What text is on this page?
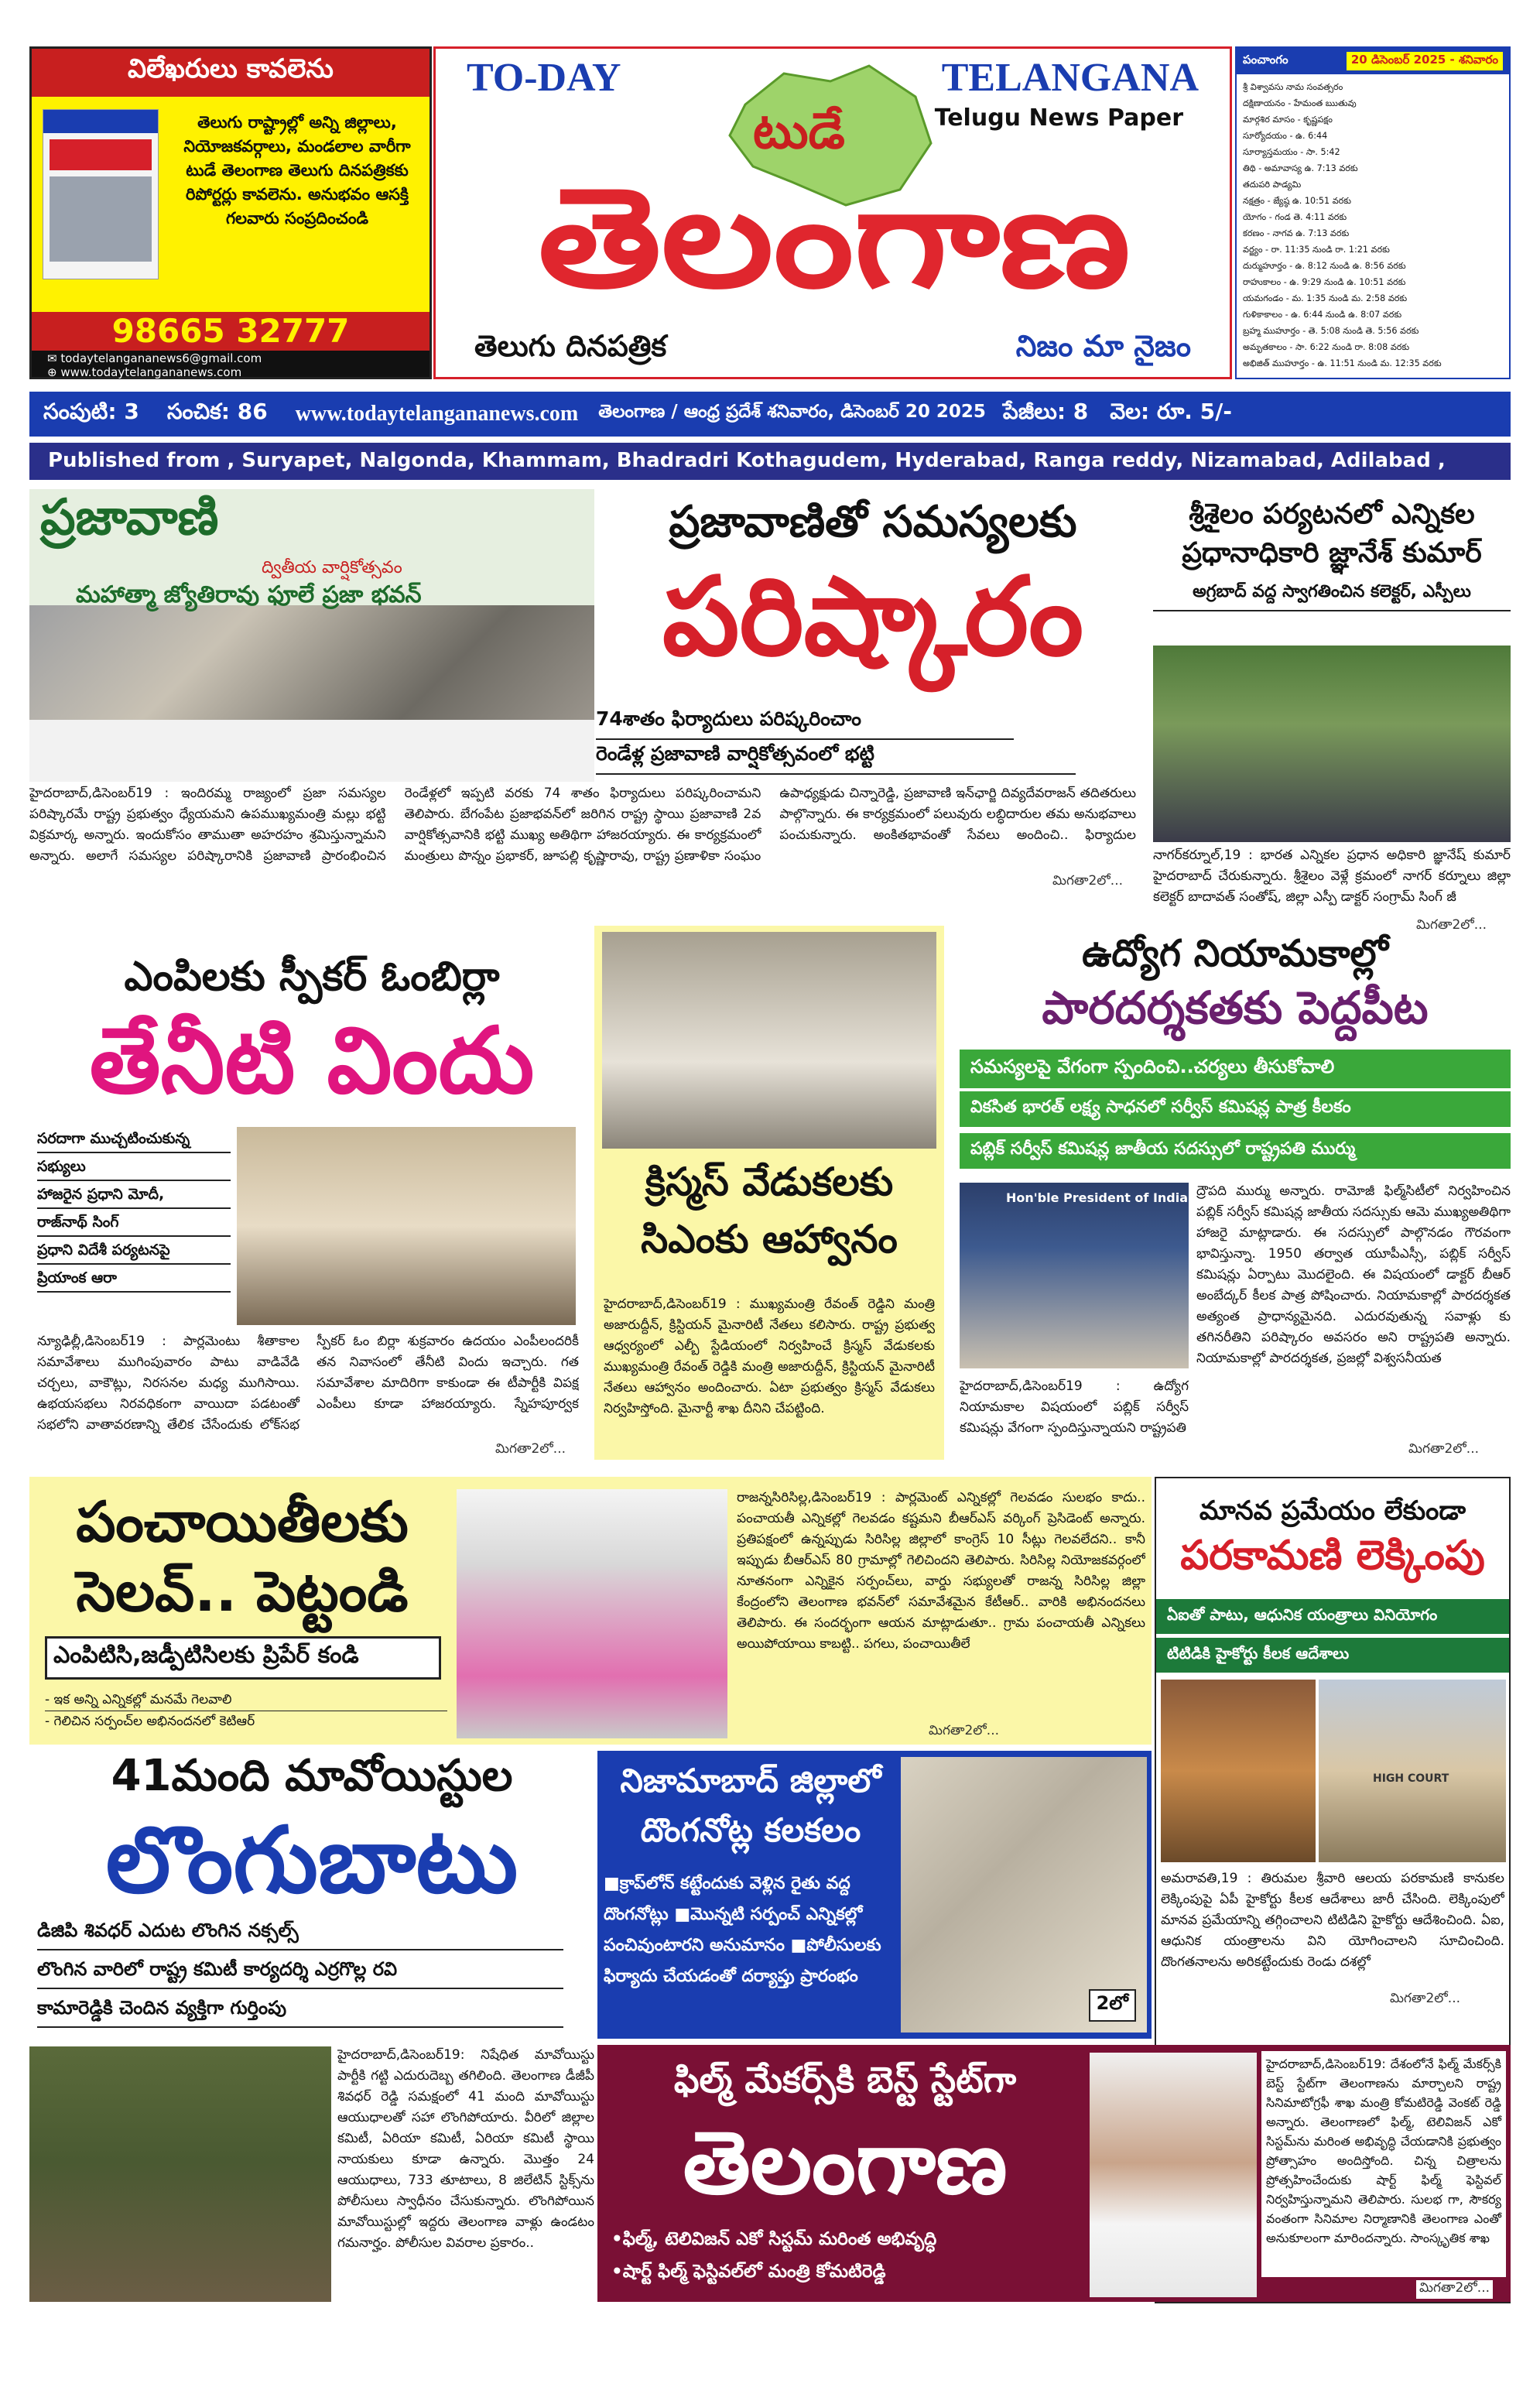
విలేఖరులు కావలెను
తెలుగు రాష్ట్రాల్లో అన్ని జిల్లాలు, నియోజకవర్గాలు, మండలాల వారీగా టుడే తెలంగాణ తెలుగు దినపత్రికకు రిపోర్టర్లు కావలెను. అనుభవం ఆసక్తి గలవారు సంప్రదించండి
98665 32777
✉ todaytelangananews6@gmail.com
⊕ www.todaytelangananews.com
TO-DAY	TELANGANA
Telugu News Paper
టుడే
తెలంగాణ
తెలుగు దినపత్రిక	నిజం మా నైజం
పంచాంగం	20 డిసెంబర్ 2025 - శనివారం
శ్రీ విశ్వావసు నామ సంవత్సరం
దక్షిణాయనం - హేమంత ఋతువు
మార్గశిర మాసం - కృష్ణపక్షం
సూర్యోదయం - ఉ. 6:44
సూర్యాస్తమయం - సా. 5:42
తిథి - అమావాస్య ఉ. 7:13 వరకు
తదుపరి పాడ్యమి
నక్షత్రం - జ్యేష్ఠ ఉ. 10:51 వరకు
యోగం - గండ తె. 4:11 వరకు
కరణం - నాగవ ఉ. 7:13 వరకు
వర్జ్యం - రా. 11:35 నుండి రా. 1:21 వరకు
దుర్ముహూర్తం - ఉ. 8:12 నుండి ఉ. 8:56 వరకు
రాహుకాలం - ఉ. 9:29 నుండి ఉ. 10:51 వరకు
యమగండం - మ. 1:35 నుండి మ. 2:58 వరకు
గుళికాకాలం - ఉ. 6:44 నుండి ఉ. 8:07 వరకు
బ్రహ్మ ముహూర్తం - తె. 5:08 నుండి తె. 5:56 వరకు
అమృతకాలం - సా. 6:22 నుండి రా. 8:08 వరకు
అభిజిత్ ముహూర్తం - ఉ. 11:51 నుండి మ. 12:35 వరకు
సంపుటి: 3	సంచిక: 86	www.todaytelangananews.com	తెలంగాణ / ఆంధ్ర ప్రదేశ్ శనివారం, డిసెంబర్ 20 2025 పేజీలు: 8	వెల: రూ. 5/-
Published from , Suryapet, Nalgonda, Khammam, Bhadradri Kothagudem, Hyderabad, Ranga reddy, Nizamabad, Adilabad ,
ప్రజావాణి
ద్వితీయ వార్షికోత్సవం
మహాత్మా జ్యోతిరావు ఫూలే ప్రజా భవన్
ప్రజావాణితో సమస్యలకు
పరిష్కారం
74శాతం ఫిర్యాదులు పరిష్కరించాం
రెండేళ్ల ప్రజావాణి వార్షికోత్సవంలో భట్టి
హైదరాబాద్,డిసెంబర్19 : ఇందిరమ్మ రాజ్యంలో ప్రజా సమస్యల పరిష్కారమే రాష్ట్ర ప్రభుత్వం ధ్యేయమని ఉపముఖ్యమంత్రి మల్లు భట్టి విక్రమార్క అన్నారు. ఇందుకోసం తాముతా అహరహం శ్రమిస్తున్నామని అన్నారు. అలాగే సమస్యల పరిష్కారానికి ప్రజావాణి ప్రారంభించిన రెండేళ్లలో ఇప్పటి వరకు 74 శాతం ఫిర్యాదులు పరిష్కరించామని తెలిపారు. బేగంపేట ప్రజాభవన్‌లో జరిగిన రాష్ట్ర స్థాయి ప్రజావాణి 2వ వార్షికోత్సవానికి భట్టి ముఖ్య అతిథిగా హాజరయ్యారు. ఈ కార్యక్రమంలో మంత్రులు పొన్నం ప్రభాకర్, జూపల్లి కృష్ణారావు, రాష్ట్ర ప్రణాళికా సంఘం ఉపాధ్యక్షుడు చిన్నారెడ్డి, ప్రజావాణి ఇన్‌ఛార్జి దివ్యదేవరాజన్ తదితరులు పాల్గొన్నారు. ఈ కార్యక్రమంలో పలువురు లబ్ధిదారుల తమ అనుభవాలు పంచుకున్నారు. అంకితభావంతో సేవలు అందించి.. ఫిర్యాదుల
మిగతా2లో...
శ్రీశైలం పర్యటనలో ఎన్నికల ప్రధానాధికారి జ్ఞానేశ్ కుమార్
అగ్రబాద్ వద్ద స్వాగతించిన కలెక్టర్, ఎస్పీలు
నాగర్‌కర్నూల్,19 : భారత ఎన్నికల ప్రధాన అధికారి జ్ఞానేష్ కుమార్ హైదరాబాద్ చేరుకున్నారు. శ్రీశైలం వెళ్లే క్రమంలో నాగర్ కర్నూలు జిల్లా కలెక్టర్ బాదావత్ సంతోష్, జిల్లా ఎస్పీ డాక్టర్ సంగ్రామ్ సింగ్ జీ
మిగతా2లో...
ఎంపిలకు స్పీకర్ ఓంబిర్లా
తేనీటి విందు
సరదాగా ముచ్చటించుకున్న
సభ్యులు
హాజరైన ప్రధాని మోదీ,
రాజ్‌నాథ్ సింగ్
ప్రధాని విదేశీ పర్యటనపై
ప్రియాంక ఆరా
న్యూఢిల్లీ,డిసెంబర్19 : పార్లమెంటు శీతాకాల సమావేశాలు ముగింపువారం పాటు వాడివేడి చర్చలు, వాకౌట్లు, నిరసనల మధ్య ముగిసాయి. ఉభయసభలు నిరవధికంగా వాయిదా పడటంతో సభలోని వాతావరణాన్ని తేలిక చేసేందుకు లోక్‌సభ స్పీకర్ ఓం బిర్లా శుక్రవారం ఉదయం ఎంపీలందరికీ తన నివాసంలో తేనీటి విందు ఇచ్చారు. గత సమావేశాల మాదిరిగా కాకుండా ఈ టీపార్టీకి విపక్ష ఎంపీలు కూడా హాజరయ్యారు. స్నేహపూర్వక
మిగతా2లో...
క్రిస్మస్ వేడుకలకు
సిఎంకు ఆహ్వానం
హైదరాబాద్,డిసెంబర్19 : ముఖ్యమంత్రి రేవంత్ రెడ్డిని మంత్రి అజారుద్దీన్, క్రిస్టియన్ మైనారిటీ నేతలు కలిసారు. రాష్ట్ర ప్రభుత్వ ఆధ్వర్యంలో ఎల్బీ స్టేడియంలో నిర్వహించే క్రిస్మస్ వేడుకలకు ముఖ్యమంత్రి రేవంత్ రెడ్డికి మంత్రి అజారుద్దీన్, క్రిస్టియన్ మైనారిటీ నేతలు ఆహ్వానం అందించారు. ఏటా ప్రభుత్వం క్రిస్మస్ వేడుకలు నిర్వహిస్తోంది. మైనార్టీ శాఖ దీనిని చేపట్టింది.
ఉద్యోగ నియామకాల్లో
పారదర్శకతకు పెద్దపీట
సమస్యలపై వేగంగా స్పందించి..చర్యలు తీసుకోవాలి
వికసిత భారత్ లక్ష్య సాధనలో సర్వీస్ కమిషన్ల పాత్ర కీలకం
పబ్లిక్ సర్వీస్ కమిషన్ల జాతీయ సదస్సులో రాష్ట్రపతి ముర్ము
Hon'ble President of India ద్రౌపది ముర్ము అన్నారు. రామోజీ ఫిల్మ్‌సిటీలో నిర్వహించిన పబ్లిక్ సర్వీస్ కమిషన్ల జాతీయ సదస్సుకు ఆమె ముఖ్యఅతిథిగా హాజరై మాట్లాడారు. ఈ సదస్సులో పాల్గొనడం గౌరవంగా భావిస్తున్నా. 1950 తర్వాత యూపీఎస్సీ, పబ్లిక్ సర్వీస్ కమిషన్లు ఏర్పాటు మొదలైంది. ఈ విషయంలో డాక్టర్ బీఆర్ అంబేద్కర్ కీలక పాత్ర పోషించారు. నియామకాల్లో పారదర్శకత అత్యంత ప్రాధాన్యమైనది. ఎదురవుతున్న సవాళ్లు కు తగినరీతిని పరిష్కారం అవసరం అని రాష్ట్రపతి అన్నారు. నియామకాల్లో పారదర్శకత, ప్రజల్లో విశ్వసనీయత
హైదరాబాద్,డిసెంబర్19 : ఉద్యోగ నియామకాల విషయంలో పబ్లిక్ సర్వీస్ కమిషన్లు వేగంగా స్పందిస్తున్నాయని రాష్ట్రపతి
మిగతా2లో...
పంచాయితీలకు
సెలవ్.. పెట్టండి
ఎంపిటిసి,జడ్పీటిసిలకు ప్రిపేర్ కండి
- ఇక అన్ని ఎన్నికల్లో మనమే గెలవాలి
- గెలిచిన సర్పంచ్‌ల అభినందనలో కెటిఆర్
రాజన్నసిరిసిల్ల,డిసెంబర్19 : పార్లమెంట్ ఎన్నికల్లో గెలవడం సులభం కాదు.. పంచాయతీ ఎన్నికల్లో గెలవడం కష్టమని బీఆర్ఎస్ వర్కింగ్ ప్రెసిడెంట్ అన్నారు. ప్రతిపక్షంలో ఉన్నప్పుడు సిరిసిల్ల జిల్లాలో కాంగ్రెస్ 10 సీట్లు గెలవలేదని.. కానీ ఇప్పుడు బీఆర్ఎస్ 80 గ్రామాల్లో గెలిచిందని తెలిపారు. సిరిసిల్ల నియోజకవర్గంలో నూతనంగా ఎన్నికైన సర్పంచ్‌లు, వార్డు సభ్యులతో రాజన్న సిరిసిల్ల జిల్లా కేంద్రంలోని తెలంగాణ భవన్‌లో సమావేశమైన కేటీఆర్.. వారికి అభినందనలు తెలిపారు. ఈ సందర్భంగా ఆయన మాట్లాడుతూ.. గ్రామ పంచాయతీ ఎన్నికలు అయిపోయాయి కాబట్టి.. పగలు, పంచాయితీలే
మిగతా2లో...
మానవ ప్రమేయం లేకుండా
పరకామణి లెక్కింపు
ఏఐతో పాటు, ఆధునిక యంత్రాలు వినియోగం
టిటిడికి హైకోర్టు కీలక ఆదేశాలు
HIGH COURT
అమరావతి,19 : తిరుమల శ్రీవారి ఆలయ పరకామణి కానుకల లెక్కింపుపై ఏపీ హైకోర్టు కీలక ఆదేశాలు జారీ చేసింది. లెక్కింపులో మానవ ప్రమేయాన్ని తగ్గించాలని టిటిడిని హైకోర్టు ఆదేశించింది. ఏఐ, ఆధునిక యంత్రాలను విని యోగించాలని సూచించింది. దొంగతనాలను అరికట్టేందుకు రెండు దశల్లో
మిగతా2లో...
41మంది మావోయిస్టుల
లొంగుబాటు
డిజిపి శివధర్ ఎదుట లొంగిన నక్సల్స్
లొంగిన వారిలో రాష్ట్ర కమిటీ కార్యదర్శి ఎర్రగొల్ల రవి
కామారెడ్డికి చెందిన వ్యక్తిగా గుర్తింపు
హైదరాబాద్,డిసెంబర్19: నిషేధిత మావోయిస్టు పార్టీకి గట్టి ఎదురుదెబ్బ తగిలింది. తెలంగాణ డీజీపీ శివధర్ రెడ్డి సమక్షంలో 41 మంది మావోయిస్టు ఆయుధాలతో సహా లొంగిపోయారు. వీరిలో జిల్లాల కమిటీ, ఏరియా కమిటీ, ఏరియా కమిటీ స్థాయి నాయకులు కూడా ఉన్నారు. మొత్తం 24 ఆయుధాలు, 733 తూటాలు, 8 జిలేటిన్ స్టిక్స్‌ను పోలీసులు స్వాధీనం చేసుకున్నారు. లొంగిపోయిన మావోయిస్టుల్లో ఇద్దరు తెలంగాణ వాళ్లు ఉండటం గమనార్హం. పోలీసుల వివరాల ప్రకారం..
నిజామాబాద్ జిల్లాలో
దొంగనోట్ల కలకలం
■క్రాప్‌లోన్ కట్టేందుకు వెళ్లిన రైతు వద్ద దొంగనోట్లు ■మొన్నటి సర్పంచ్ ఎన్నికల్లో పంచివుంటారని అనుమానం ■పోలీసులకు ఫిర్యాదు చేయడంతో దర్యాప్తు ప్రారంభం
2లో
ఫిల్మ్ మేకర్స్‌కి బెస్ట్ స్టేట్‌గా
తెలంగాణ
•ఫిల్మ్, టెలివిజన్ ఎకో సిస్టమ్ మరింత అభివృద్ధి
•షార్ట్ ఫిల్మ్ ఫెస్టివల్‌లో మంత్రి కోమటిరెడ్డి
హైదరాబాద్,డిసెంబర్19: దేశంలోనే ఫిల్మ్ మేకర్స్‌కి బెస్ట్ స్టేట్‌గా తెలంగాణను మార్చాలని రాష్ట్ర సినిమాటోగ్రఫీ శాఖ మంత్రి కోమటిరెడ్డి వెంకట్ రెడ్డి అన్నారు. తెలంగాణలో ఫిల్మ్, టెలివిజన్ ఎకో సిస్టమ్‌ను మరింత అభివృద్ధి చేయడానికి ప్రభుత్వం ప్రోత్సాహం అందిస్తోంది. చిన్న చిత్రాలను ప్రోత్సహించేందుకు షార్ట్ ఫిల్మ్ ఫెస్టివల్ నిర్వహిస్తున్నామని తెలిపారు. సులభ గా, సౌకర్య వంతంగా సినిమాల నిర్మాణానికి తెలంగాణ ఎంతో అనుకూలంగా మారిందన్నారు. సాంస్కృతిక శాఖ
మిగతా2లో...
